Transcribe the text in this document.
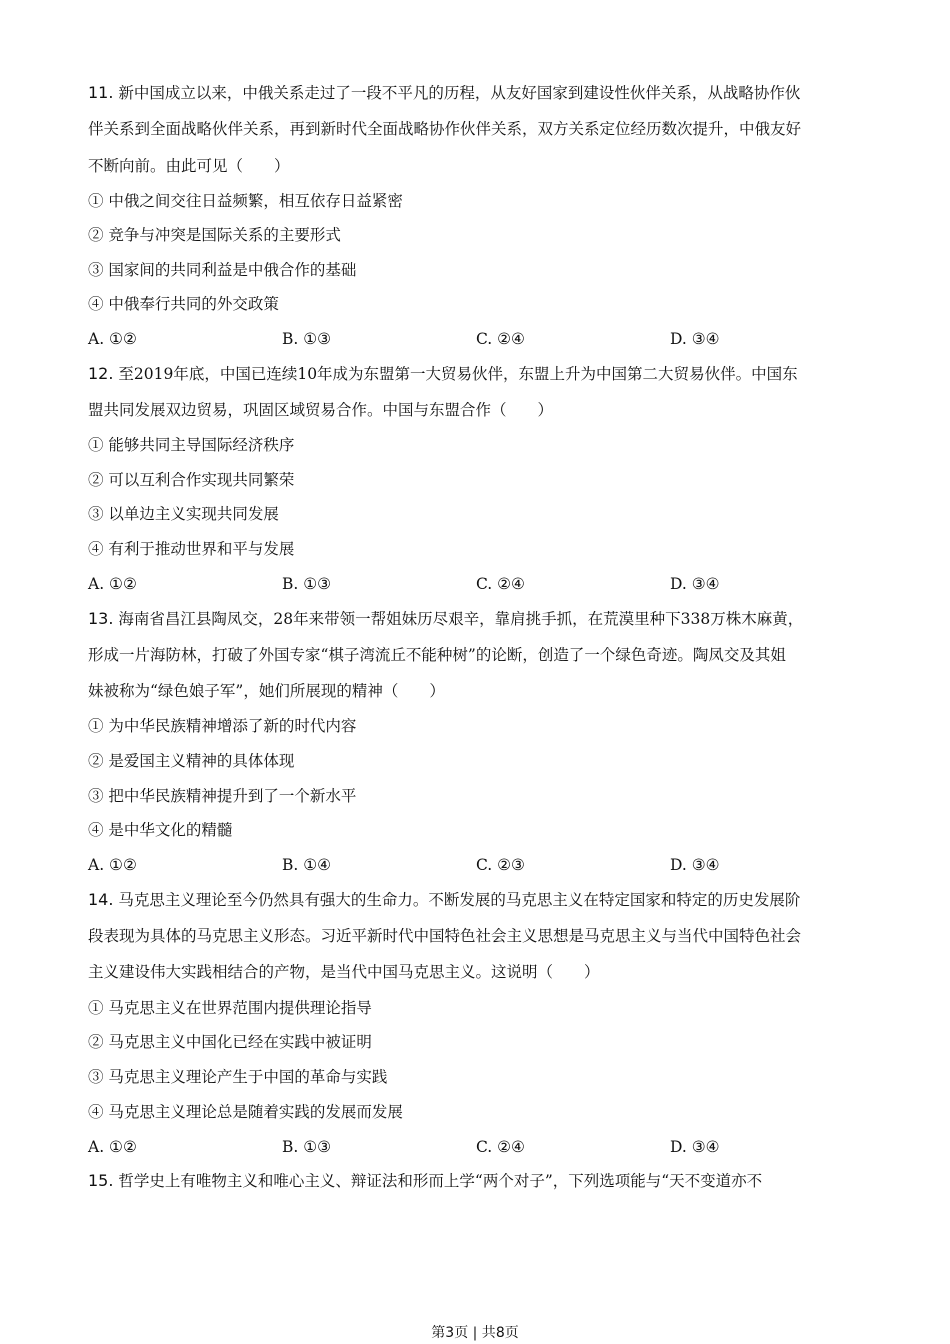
11. 新中国成立以来，中俄关系走过了一段不平凡的历程，从友好国家到建设性伙伴关系，从战略协作伙
伴关系到全面战略伙伴关系，再到新时代全面战略协作伙伴关系，双方关系定位经历数次提升，中俄友好
不断向前。由此可见（　　）
① 中俄之间交往日益频繁，相互依存日益紧密
② 竞争与冲突是国际关系的主要形式
③ 国家间的共同利益是中俄合作的基础
④ 中俄奉行共同的外交政策
A. ①②	B. ①③	C. ②④	D. ③④
12. 至2019年底，中国已连续10年成为东盟第一大贸易伙伴，东盟上升为中国第二大贸易伙伴。中国东
盟共同发展双边贸易，巩固区域贸易合作。中国与东盟合作（　　）
① 能够共同主导国际经济秩序
② 可以互利合作实现共同繁荣
③ 以单边主义实现共同发展
④ 有利于推动世界和平与发展
A. ①②	B. ①③	C. ②④	D. ③④
13. 海南省昌江县陶凤交，28年来带领一帮姐妹历尽艰辛，靠肩挑手抓，在荒漠里种下338万株木麻黄，
形成一片海防林，打破了外国专家“棋子湾流丘不能种树”的论断，创造了一个绿色奇迹。陶凤交及其姐
妹被称为“绿色娘子军”，她们所展现的精神（　　）
① 为中华民族精神增添了新的时代内容
② 是爱国主义精神的具体体现
③ 把中华民族精神提升到了一个新水平
④ 是中华文化的精髓
A. ①②	B. ①④	C. ②③	D. ③④
14. 马克思主义理论至今仍然具有强大的生命力。不断发展的马克思主义在特定国家和特定的历史发展阶
段表现为具体的马克思主义形态。习近平新时代中国特色社会主义思想是马克思主义与当代中国特色社会
主义建设伟大实践相结合的产物，是当代中国马克思主义。这说明（　　）
① 马克思主义在世界范围内提供理论指导
② 马克思主义中国化已经在实践中被证明
③ 马克思主义理论产生于中国的革命与实践
④ 马克思主义理论总是随着实践的发展而发展
A. ①②	B. ①③	C. ②④	D. ③④
15. 哲学史上有唯物主义和唯心主义、辩证法和形而上学“两个对子”，下列选项能与“天不变道亦不
第3页 | 共8页
